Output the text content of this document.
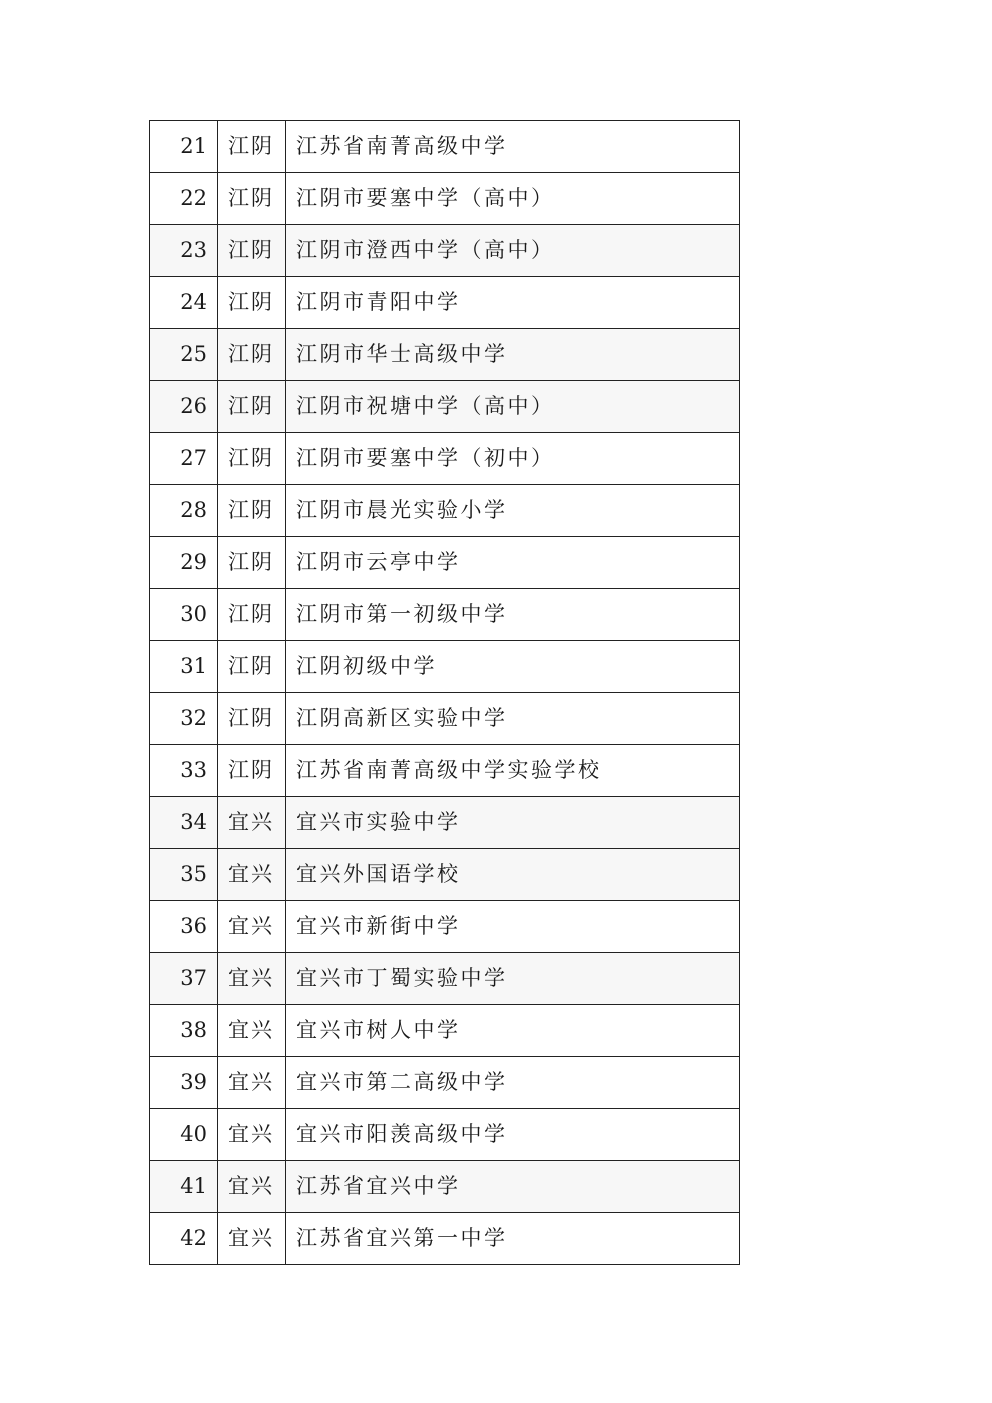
21	江阴	江苏省南菁高级中学
22	江阴	江阴市要塞中学（高中）
23	江阴	江阴市澄西中学（高中）
24	江阴	江阴市青阳中学
25	江阴	江阴市华士高级中学
26	江阴	江阴市祝塘中学（高中）
27	江阴	江阴市要塞中学（初中）
28	江阴	江阴市晨光实验小学
29	江阴	江阴市云亭中学
30	江阴	江阴市第一初级中学
31	江阴	江阴初级中学
32	江阴	江阴高新区实验中学
33	江阴	江苏省南菁高级中学实验学校
34	宜兴	宜兴市实验中学
35	宜兴	宜兴外国语学校
36	宜兴	宜兴市新街中学
37	宜兴	宜兴市丁蜀实验中学
38	宜兴	宜兴市树人中学
39	宜兴	宜兴市第二高级中学
40	宜兴	宜兴市阳羡高级中学
41	宜兴	江苏省宜兴中学
42	宜兴	江苏省宜兴第一中学
